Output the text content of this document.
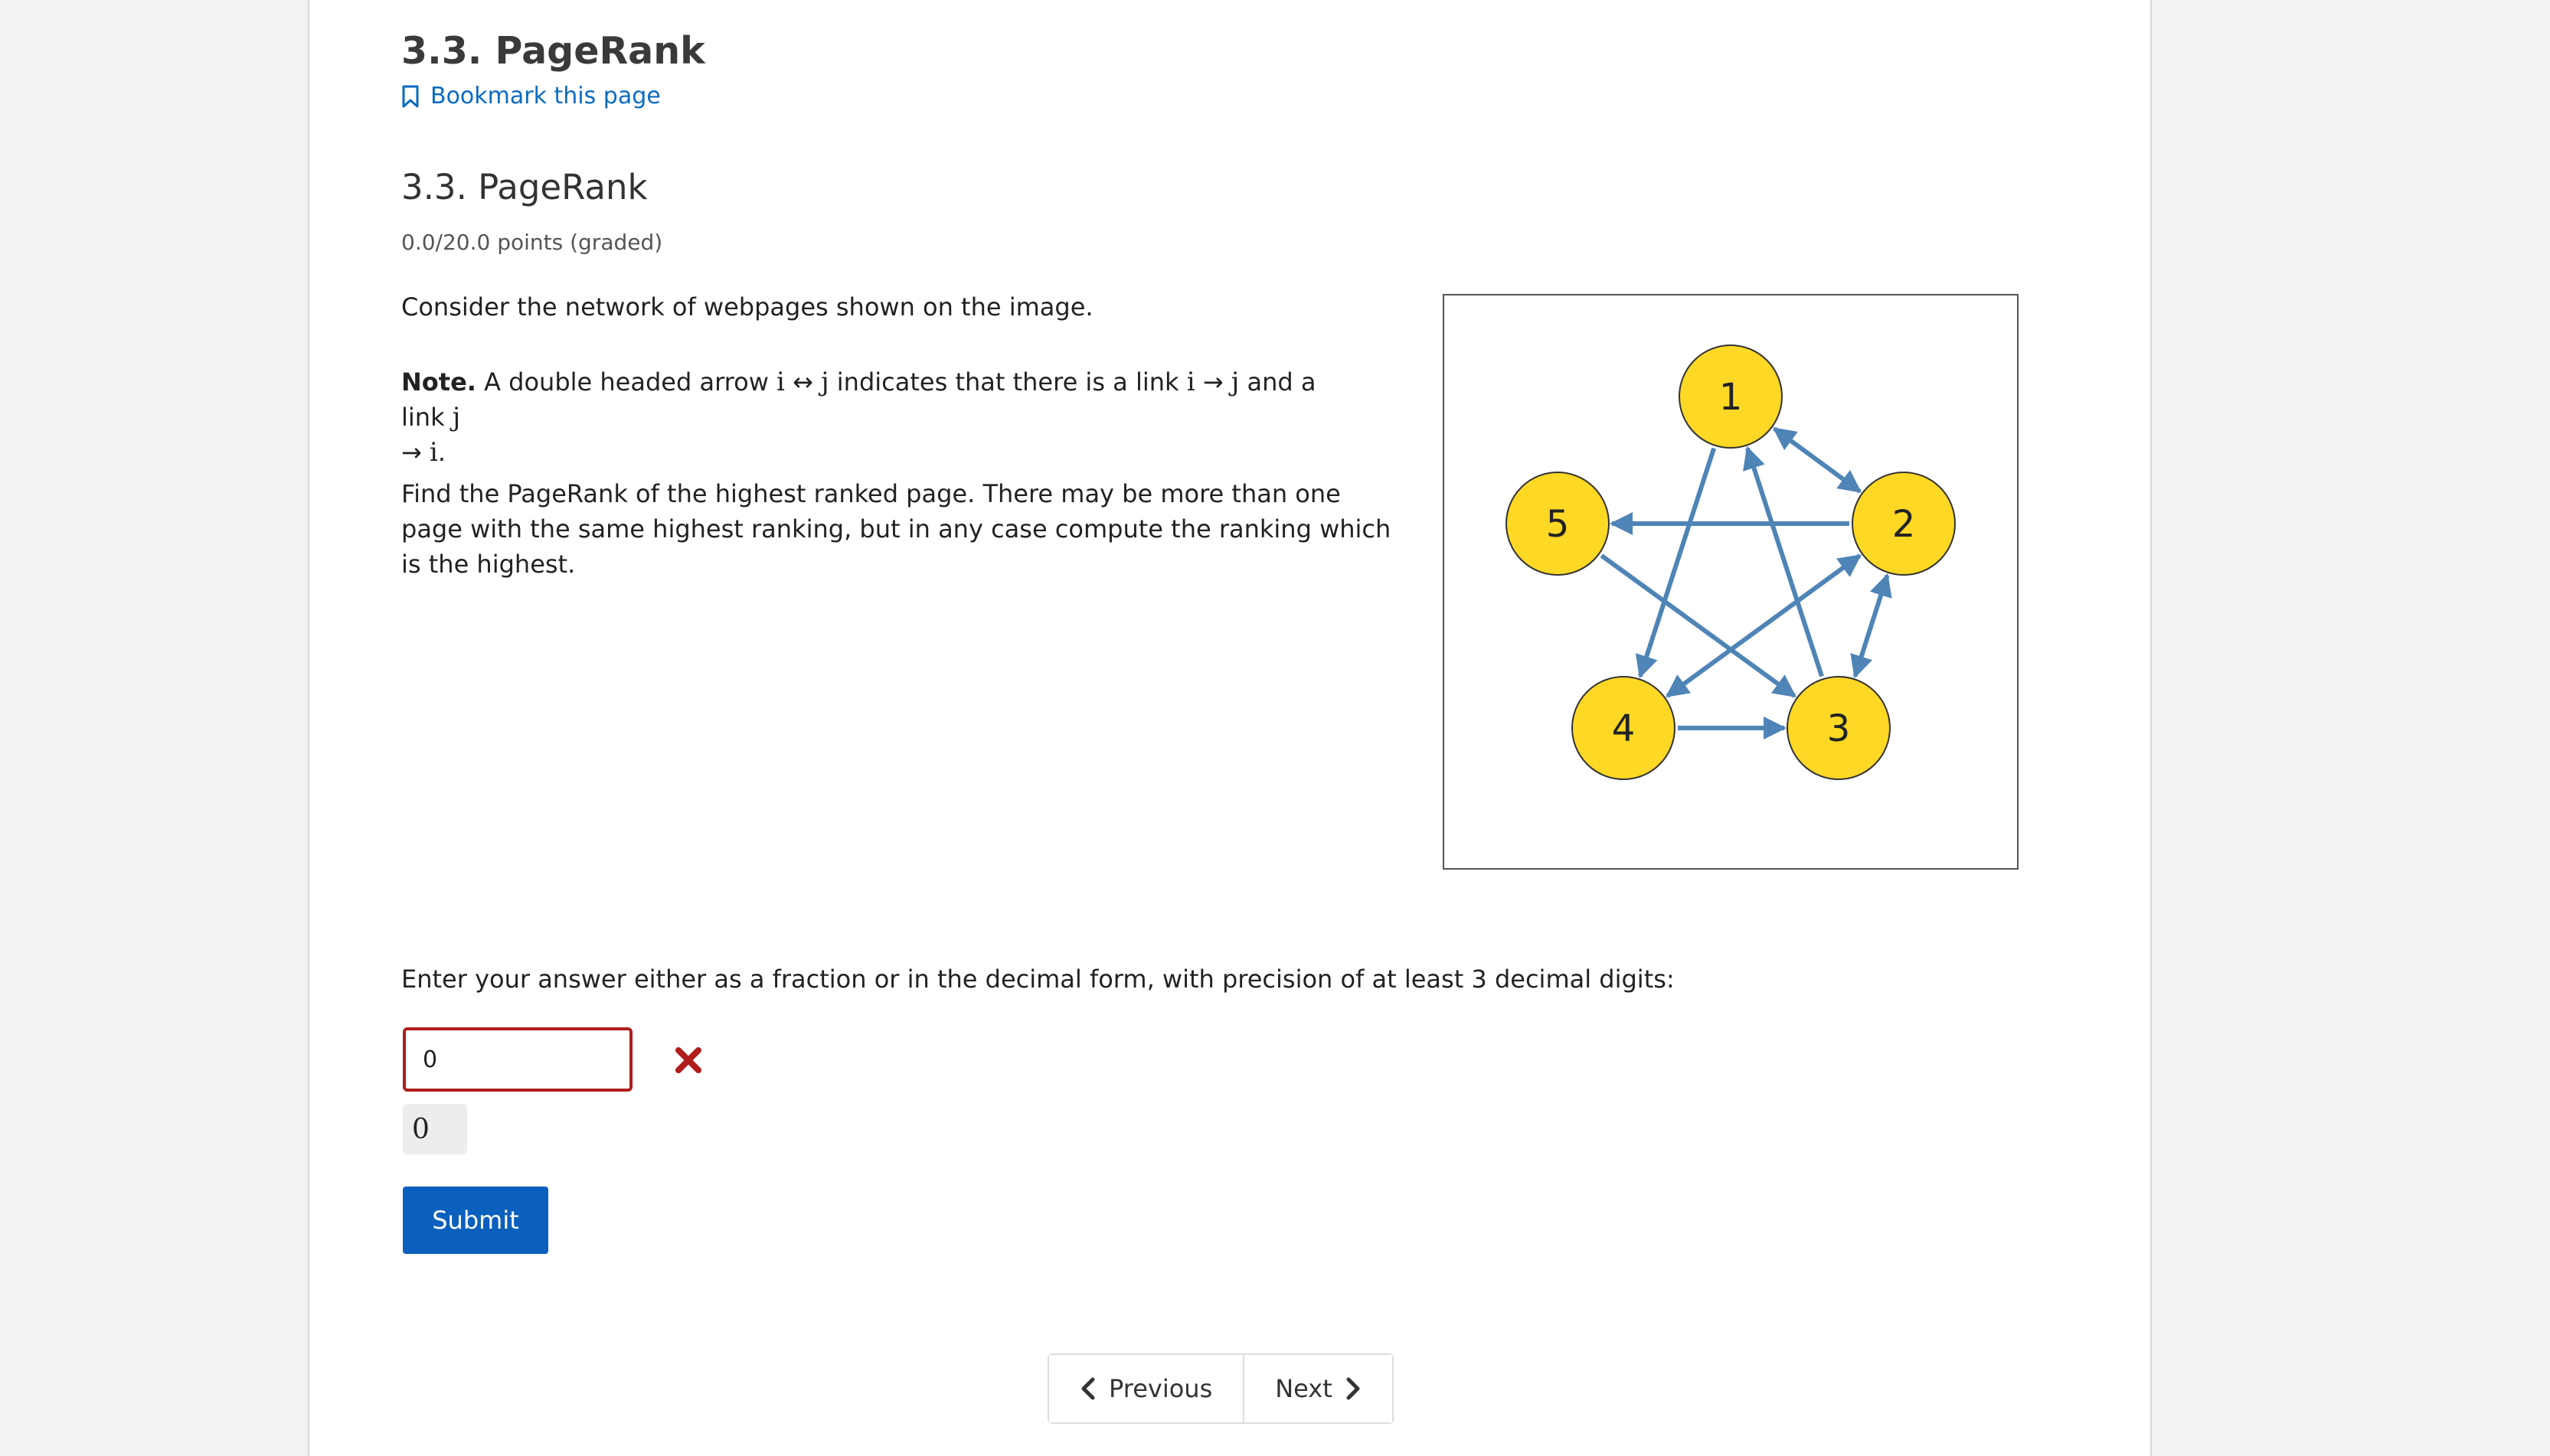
3.3. PageRank
Bookmark this page
3.3. PageRank
0.0/20.0 points (graded)
Consider the network of webpages shown on the image.
Note. A double headed arrow i ↔ j indicates that there is a link i → j and a link j
→ i.
Find the PageRank of the highest ranked page. There may be more than one page with the same highest ranking, but in any case compute the ranking which is the highest.
1
2
3
4
5
Enter your answer either as a fraction or in the decimal form, with precision of at least 3 decimal digits:
0
0
Submit
Previous	Next
